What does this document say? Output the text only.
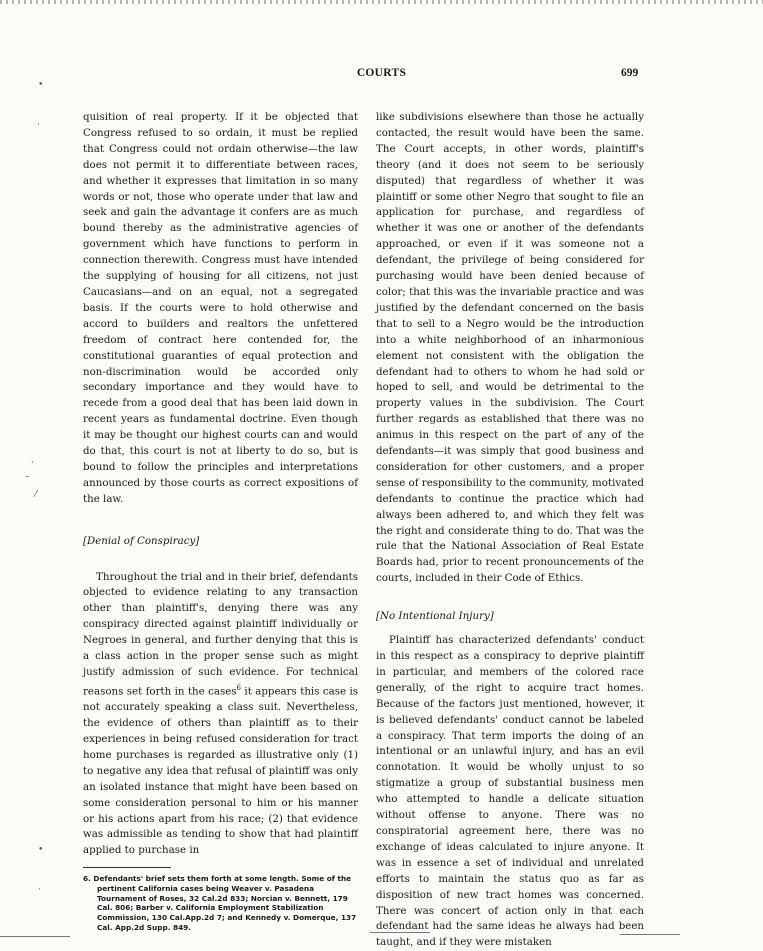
COURTS	699
•
·
·
–
⁄
•
·

quisition of real property. If it be objected that Congress refused to so ordain, it must be replied that Congress could not ordain otherwise—the law does not permit it to differentiate between races, and whether it expresses that limitation in so many words or not, those who operate under that law and seek and gain the advantage it confers are as much bound thereby as the administrative agencies of government which have functions to perform in connection therewith. Congress must have intended the supplying of housing for all citizens, not just Caucasians—and on an equal, not a segregated basis. If the courts were to hold otherwise and accord to builders and realtors the unfettered freedom of contract here contended for, the constitutional guaranties of equal protection and non-discrimination would be accorded only secondary importance and they would have to recede from a good deal that has been laid down in recent years as fundamental doctrine. Even though it may be thought our highest courts can and would do that, this court is not at liberty to do so, but is bound to follow the principles and interpretations announced by those courts as correct expositions of the law.

[Denial of Conspiracy]

Throughout the trial and in their brief, defendants objected to evidence relating to any transaction other than plaintiff's, denying there was any conspiracy directed against plaintiff individually or Negroes in general, and further denying that this is a class action in the proper sense such as might justify admission of such evidence. For technical reasons set forth in the cases$^6$ it appears this case is not accurately speaking a class suit. Nevertheless, the evidence of others than plaintiff as to their experiences in being refused consideration for tract home purchases is regarded as illustrative only (1) to negative any idea that refusal of plaintiff was only an isolated instance that might have been based on some consideration personal to him or his manner or his actions apart from his race; (2) that evidence was admissible as tending to show that had plaintiff applied to purchase in

6. Defendants' brief sets them forth at some length. Some of the pertinent California cases being Weaver v. Pasadena Tournament of Roses, 32 Cal.2d 833; Norcian v. Bennett, 179 Cal. 806; Barber v. California Employment Stabilization Commission, 130 Cal.App.2d 7; and Kennedy v. Domerque, 137 Cal. App.2d Supp. 849.

like subdivisions elsewhere than those he actually contacted, the result would have been the same. The Court accepts, in other words, plaintiff's theory (and it does not seem to be seriously disputed) that regardless of whether it was plaintiff or some other Negro that sought to file an application for purchase, and regardless of whether it was one or another of the defendants approached, or even if it was someone not a defendant, the privilege of being considered for purchasing would have been denied because of color; that this was the invariable practice and was justified by the defendant concerned on the basis that to sell to a Negro would be the introduction into a white neighborhood of an inharmonious element not consistent with the obligation the defendant had to others to whom he had sold or hoped to sell, and would be detrimental to the property values in the subdivision. The Court further regards as established that there was no animus in this respect on the part of any of the defendants—it was simply that good business and consideration for other customers, and a proper sense of responsibility to the community, motivated defendants to continue the practice which had always been adhered to, and which they felt was the right and considerate thing to do. That was the rule that the National Association of Real Estate Boards had, prior to recent pronouncements of the courts, included in their Code of Ethics.

[No Intentional Injury]

Plaintiff has characterized defendants' conduct in this respect as a conspiracy to deprive plaintiff in particular, and members of the colored race generally, of the right to acquire tract homes. Because of the factors just mentioned, however, it is believed defendants' conduct cannot be labeled a conspiracy. That term imports the doing of an intentional or an unlawful injury, and has an evil connotation. It would be wholly unjust to so stigmatize a group of substantial business men who attempted to handle a delicate situation without offense to anyone. There was no conspiratorial agreement here, there was no exchange of ideas calculated to injure anyone. It was in essence a set of individual and unrelated efforts to maintain the status quo as far as disposition of new tract homes was concerned. There was concert of action only in that each defendant had the same ideas he always had been taught, and if they were mistaken
